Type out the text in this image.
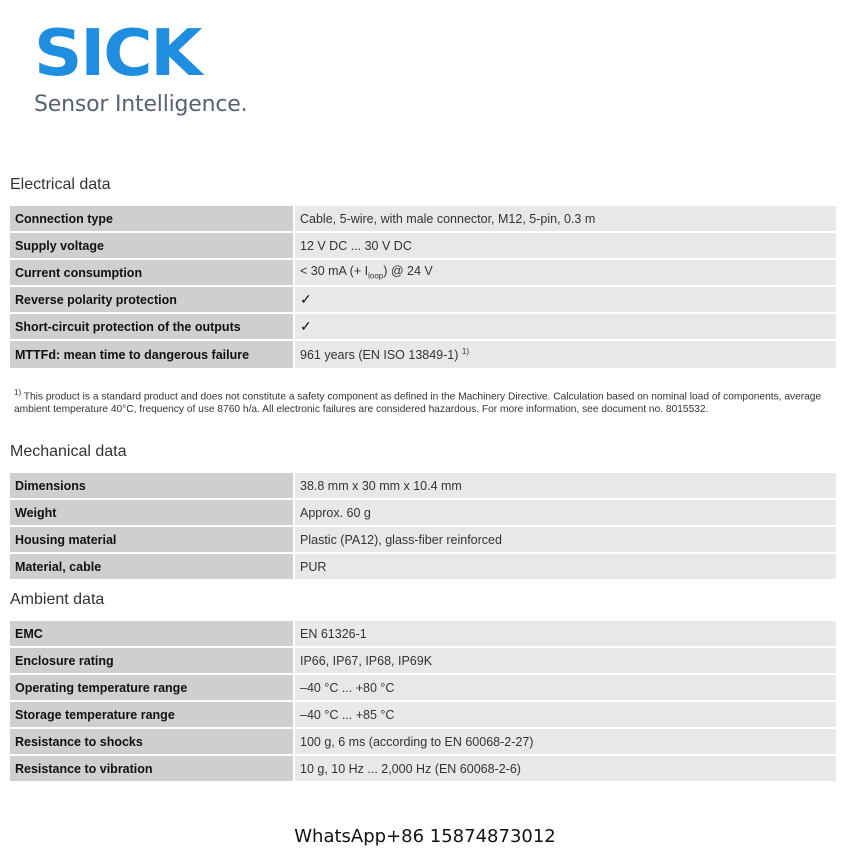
SICK
Sensor Intelligence.
Electrical data
Connection type	Cable, 5-wire, with male connector, M12, 5-pin, 0.3 m
Supply voltage	12 V DC ... 30 V DC
Current consumption	< 30 mA (+ $I_{loop}$) @ 24 V
Reverse polarity protection	✓
Short-circuit protection of the outputs	✓
MTTFd: mean time to dangerous failure	961 years (EN ISO 13849-1) $^{1)}$
$^{1)}$ This product is a standard product and does not constitute a safety component as defined in the Machinery Directive. Calculation based on nominal load of components, average ambient temperature 40°C, frequency of use 8760 h/a. All electronic failures are considered hazardous. For more information, see document no. 8015532.
Mechanical data
Dimensions	38.8 mm x 30 mm x 10.4 mm
Weight	Approx. 60 g
Housing material	Plastic (PA12), glass-fiber reinforced
Material, cable	PUR
Ambient data
EMC	EN 61326-1
Enclosure rating	IP66, IP67, IP68, IP69K
Operating temperature range	–40 °C ... +80 °C
Storage temperature range	–40 °C ... +85 °C
Resistance to shocks	100 g, 6 ms (according to EN 60068-2-27)
Resistance to vibration	10 g, 10 Hz ... 2,000 Hz (EN 60068-2-6)
WhatsApp+86 15874873012
